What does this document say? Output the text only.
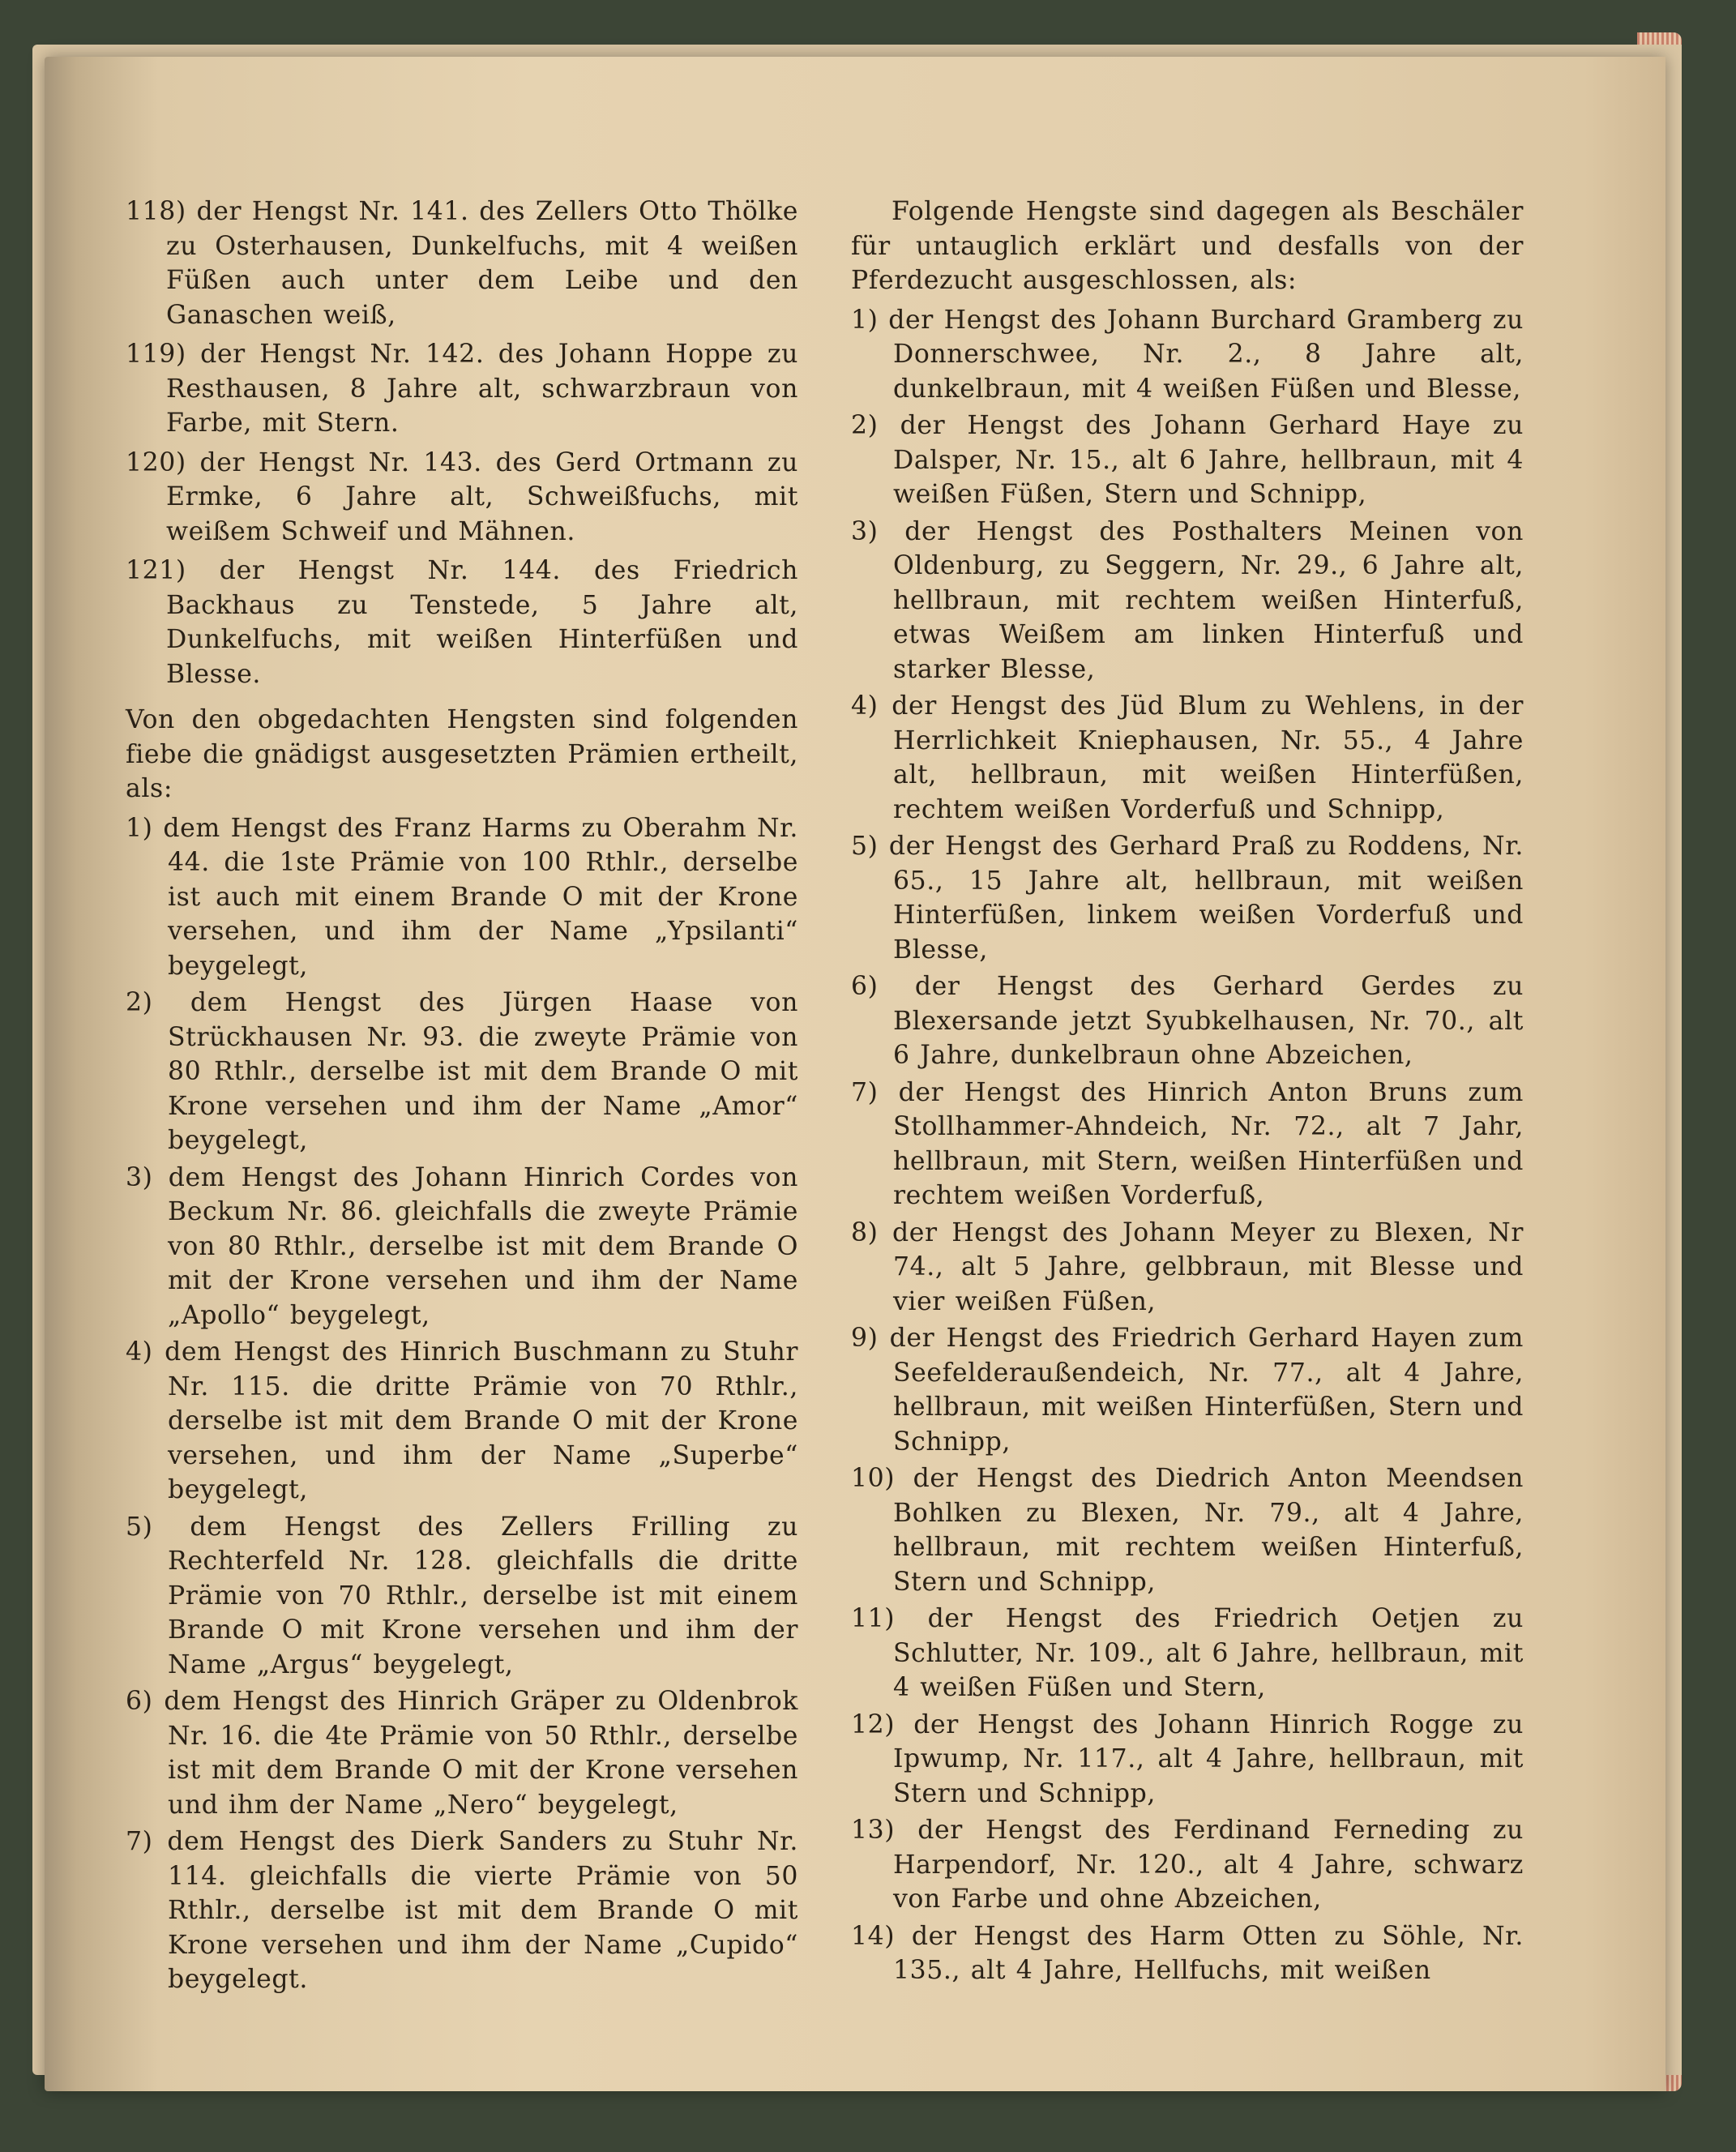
118) der Hengst Nr. 141. des Zellers Otto Thölke zu Osterhausen, Dunkelfuchs, mit 4 weißen Füßen auch unter dem Leibe und den Ganaschen weiß,

119) der Hengst Nr. 142. des Johann Hoppe zu Resthausen, 8 Jahre alt, schwarzbraun von Farbe, mit Stern.

120) der Hengst Nr. 143. des Gerd Ortmann zu Ermke, 6 Jahre alt, Schweißfuchs, mit weißem Schweif und Mähnen.

121) der Hengst Nr. 144. des Friedrich Backhaus zu Tenstede, 5 Jahre alt, Dunkelfuchs, mit weißen Hinterfüßen und Blesse.

Von den obgedachten Hengsten sind folgenden fiebe die gnädigst ausgesetzten Prämien ertheilt, als:

1) dem Hengst des Franz Harms zu Oberahm Nr. 44. die 1ste Prämie von 100 Rthlr., derselbe ist auch mit einem Brande O mit der Krone versehen, und ihm der Name „Ypsilanti“ beygelegt,

2) dem Hengst des Jürgen Haase von Strückhausen Nr. 93. die zweyte Prämie von 80 Rthlr., derselbe ist mit dem Brande O mit Krone versehen und ihm der Name „Amor“ beygelegt,

3) dem Hengst des Johann Hinrich Cordes von Beckum Nr. 86. gleichfalls die zweyte Prämie von 80 Rthlr., derselbe ist mit dem Brande O mit der Krone versehen und ihm der Name „Apollo“ beygelegt,

4) dem Hengst des Hinrich Buschmann zu Stuhr Nr. 115. die dritte Prämie von 70 Rthlr., derselbe ist mit dem Brande O mit der Krone versehen, und ihm der Name „Superbe“ beygelegt,

5) dem Hengst des Zellers Frilling zu Rechterfeld Nr. 128. gleichfalls die dritte Prämie von 70 Rthlr., derselbe ist mit einem Brande O mit Krone versehen und ihm der Name „Argus“ beygelegt,

6) dem Hengst des Hinrich Gräper zu Oldenbrok Nr. 16. die 4te Prämie von 50 Rthlr., derselbe ist mit dem Brande O mit der Krone versehen und ihm der Name „Nero“ beygelegt,

7) dem Hengst des Dierk Sanders zu Stuhr Nr. 114. gleichfalls die vierte Prämie von 50 Rthlr., derselbe ist mit dem Brande O mit Krone versehen und ihm der Name „Cupido“ beygelegt.

Folgende Hengste sind dagegen als Beschäler für untauglich erklärt und desfalls von der Pferdezucht ausgeschlossen, als:

1) der Hengst des Johann Burchard Gramberg zu Donnerschwee, Nr. 2., 8 Jahre alt, dunkelbraun, mit 4 weißen Füßen und Blesse,

2) der Hengst des Johann Gerhard Haye zu Dalsper, Nr. 15., alt 6 Jahre, hellbraun, mit 4 weißen Füßen, Stern und Schnipp,

3) der Hengst des Posthalters Meinen von Oldenburg, zu Seggern, Nr. 29., 6 Jahre alt, hellbraun, mit rechtem weißen Hinterfuß, etwas Weißem am linken Hinterfuß und starker Blesse,

4) der Hengst des Jüd Blum zu Wehlens, in der Herrlichkeit Kniephausen, Nr. 55., 4 Jahre alt, hellbraun, mit weißen Hinterfüßen, rechtem weißen Vorderfuß und Schnipp,

5) der Hengst des Gerhard Praß zu Roddens, Nr. 65., 15 Jahre alt, hellbraun, mit weißen Hinterfüßen, linkem weißen Vorderfuß und Blesse,

6) der Hengst des Gerhard Gerdes zu Blexersande jetzt Syubkelhausen, Nr. 70., alt 6 Jahre, dunkelbraun ohne Abzeichen,

7) der Hengst des Hinrich Anton Bruns zum Stollhammer-Ahndeich, Nr. 72., alt 7 Jahr, hellbraun, mit Stern, weißen Hinterfüßen und rechtem weißen Vorderfuß,

8) der Hengst des Johann Meyer zu Blexen, Nr 74., alt 5 Jahre, gelbbraun, mit Blesse und vier weißen Füßen,

9) der Hengst des Friedrich Gerhard Hayen zum Seefelderaußendeich, Nr. 77., alt 4 Jahre, hellbraun, mit weißen Hinterfüßen, Stern und Schnipp,

10) der Hengst des Diedrich Anton Meendsen Bohlken zu Blexen, Nr. 79., alt 4 Jahre, hellbraun, mit rechtem weißen Hinterfuß, Stern und Schnipp,

11) der Hengst des Friedrich Oetjen zu Schlutter, Nr. 109., alt 6 Jahre, hellbraun, mit 4 weißen Füßen und Stern,

12) der Hengst des Johann Hinrich Rogge zu Ipwump, Nr. 117., alt 4 Jahre, hellbraun, mit Stern und Schnipp,

13) der Hengst des Ferdinand Ferneding zu Harpendorf, Nr. 120., alt 4 Jahre, schwarz von Farbe und ohne Abzeichen,

14) der Hengst des Harm Otten zu Söhle, Nr. 135., alt 4 Jahre, Hellfuchs, mit weißen
